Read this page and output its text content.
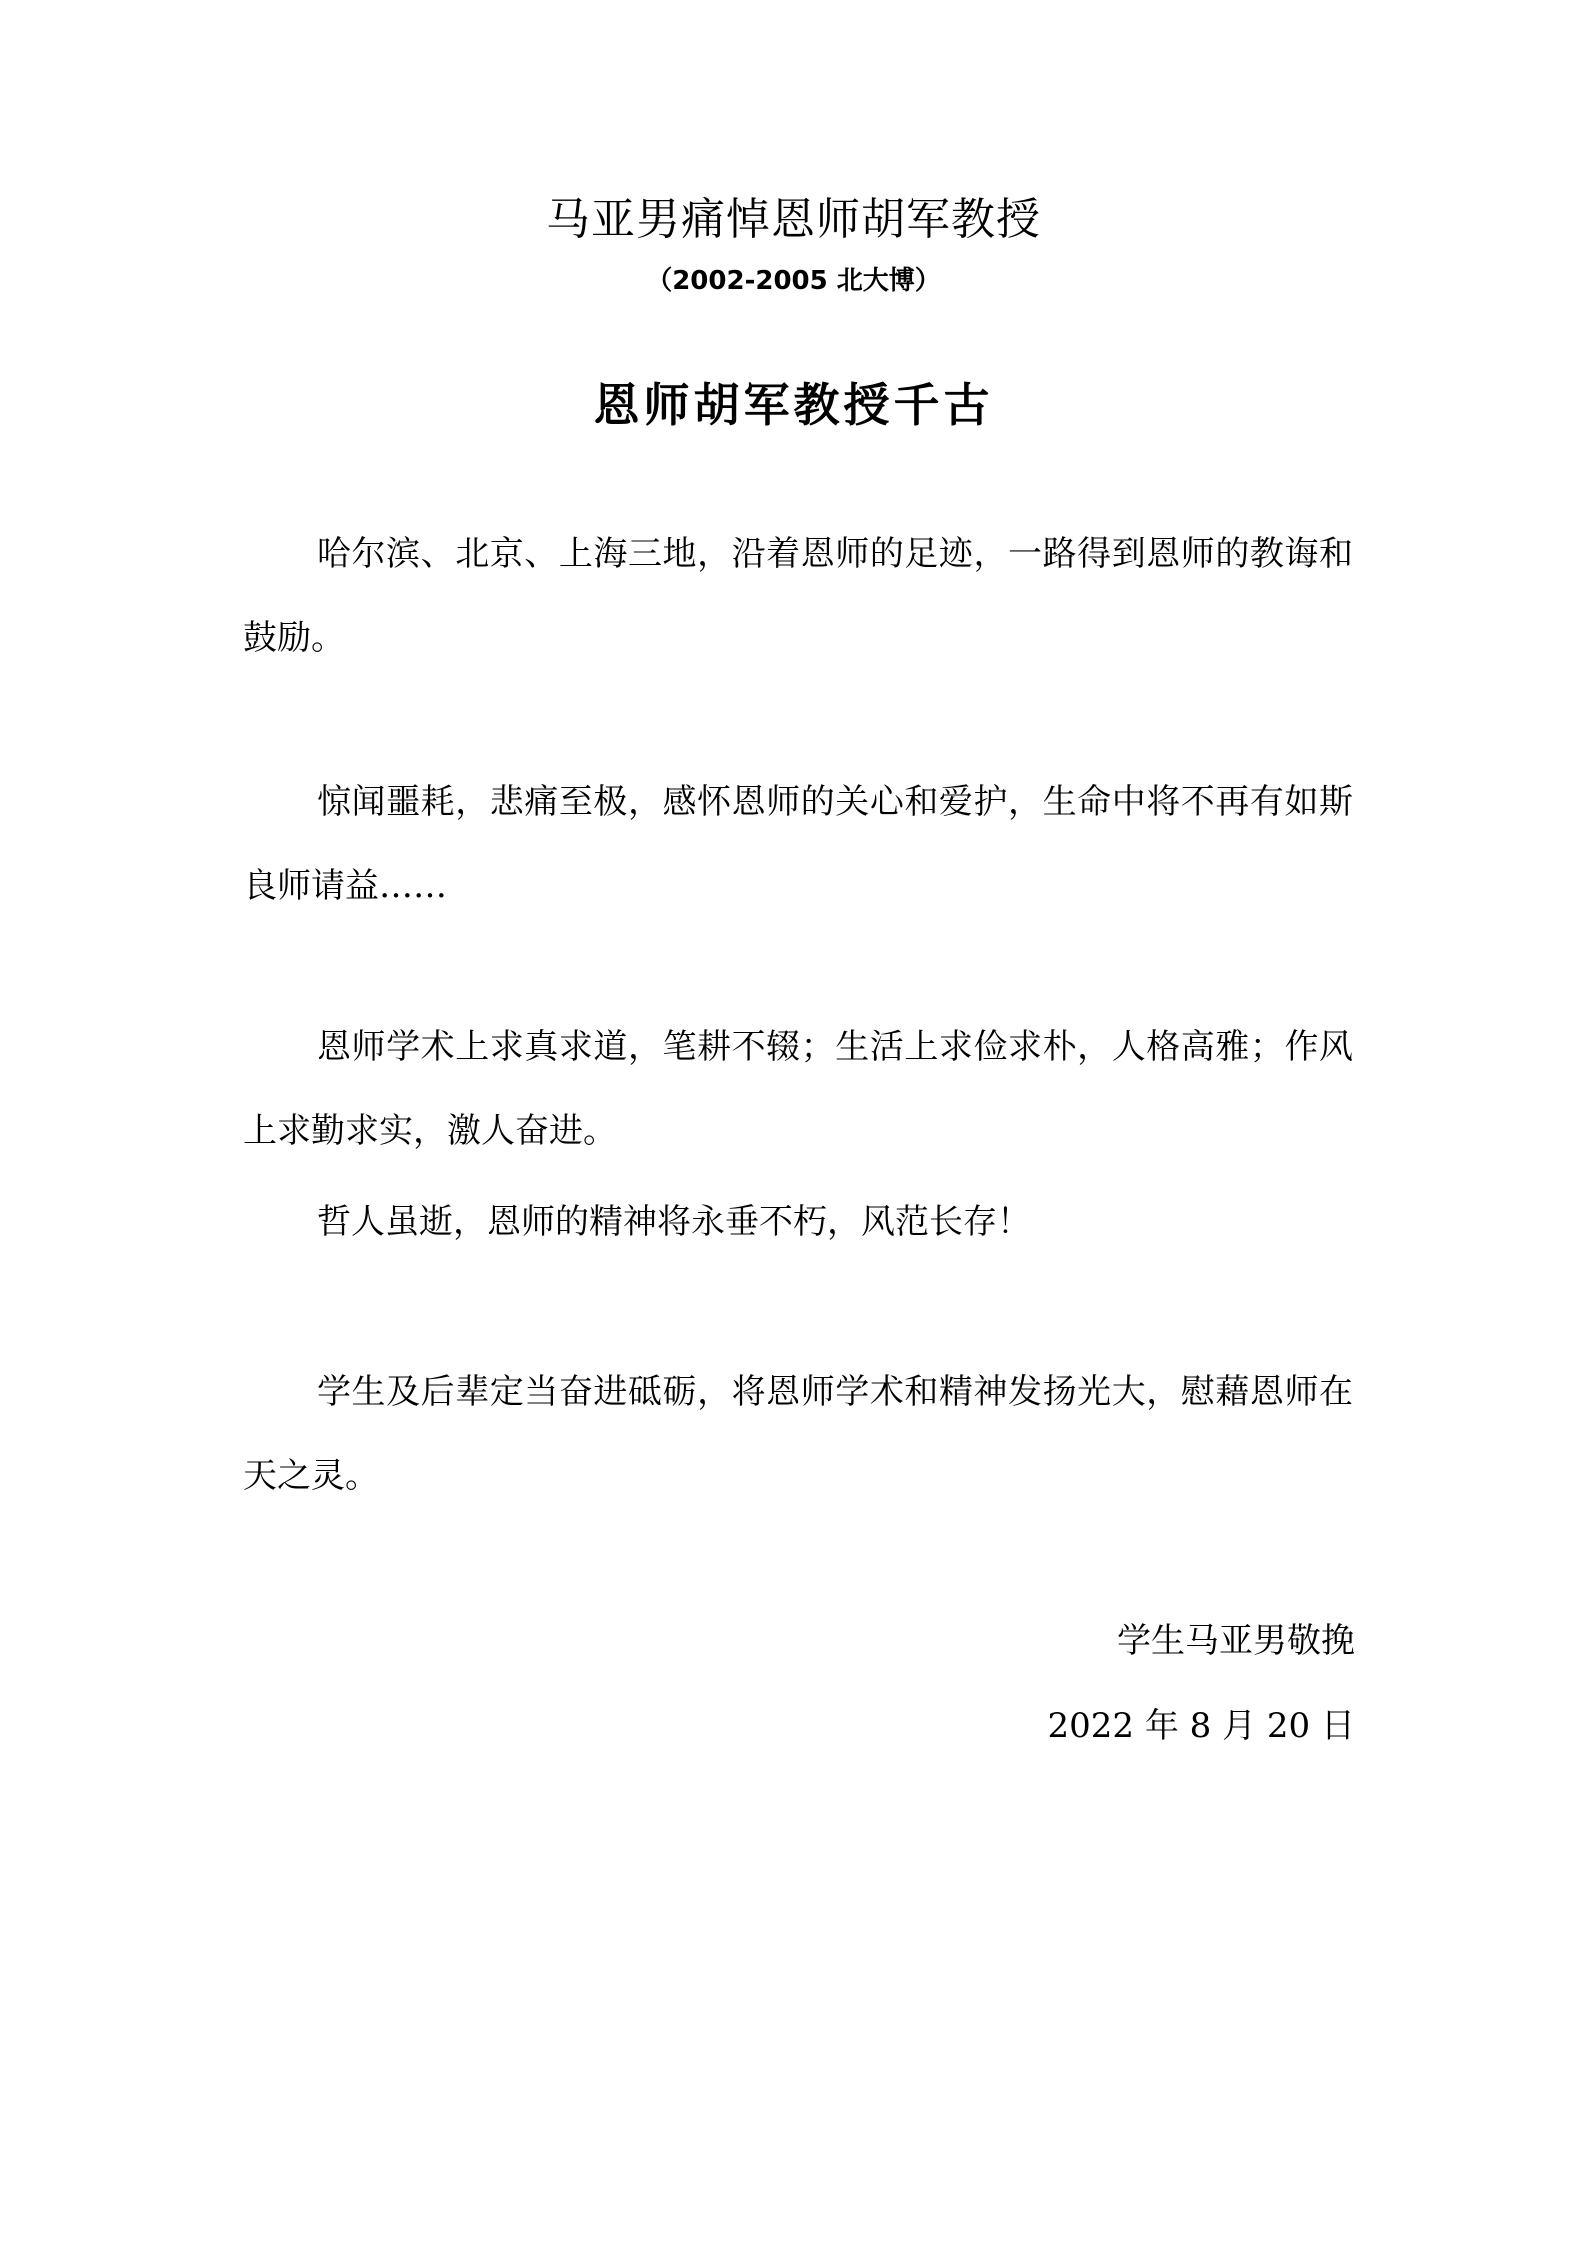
马亚男痛悼恩师胡军教授
（2002-2005 北大博）
恩师胡军教授千古

哈尔滨、北京、上海三地，沿着恩师的足迹，一路得到恩师的教诲和鼓励。

惊闻噩耗，悲痛至极，感怀恩师的关心和爱护，生命中将不再有如斯良师请益……

恩师学术上求真求道，笔耕不辍；生活上求俭求朴，人格高雅；作风上求勤求实，激人奋进。

哲人虽逝，恩师的精神将永垂不朽，风范长存！

学生及后辈定当奋进砥砺，将恩师学术和精神发扬光大，慰藉恩师在天之灵。

学生马亚男敬挽
2022 年 8 月 20 日
